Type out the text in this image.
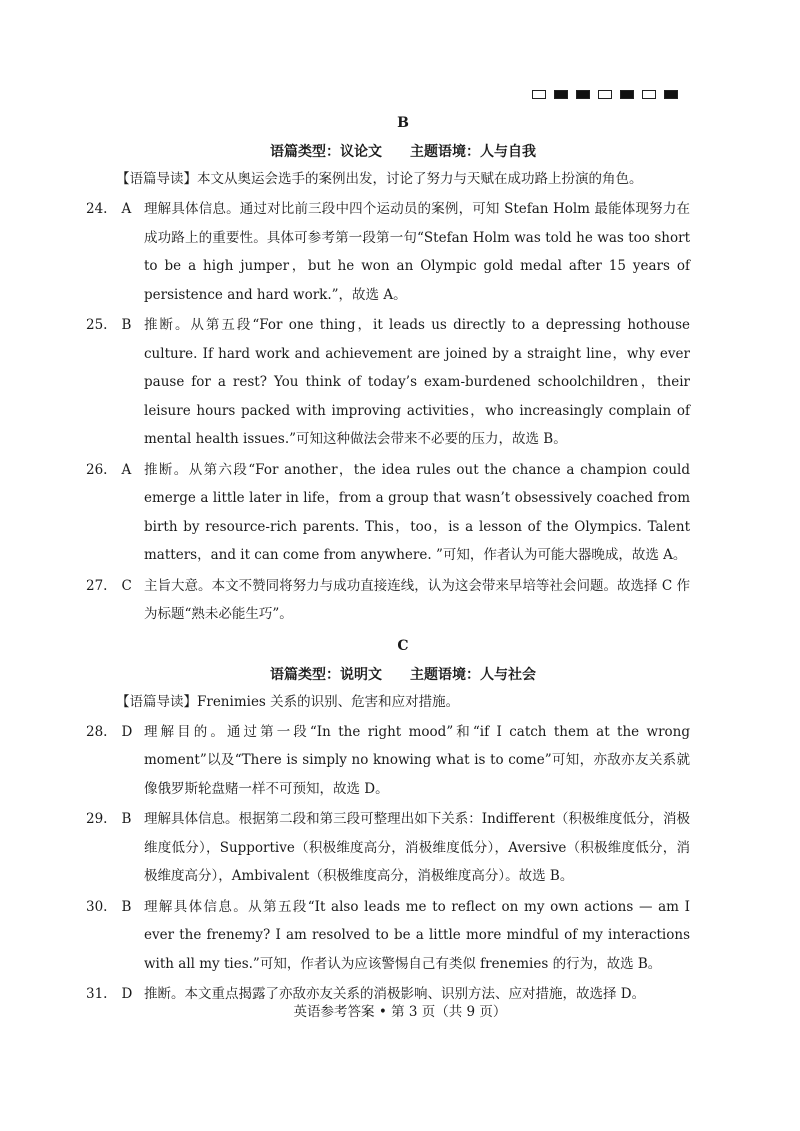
B
语篇类型：议论文 主题语境：人与自我
【语篇导读】本文从奥运会选手的案例出发，讨论了努力与天赋在成功路上扮演的角色。
24. A 理解具体信息。通过对比前三段中四个运动员的案例，可知 Stefan Holm 最能体现努力在成功路上的重要性。具体可参考第一段第一句“Stefan Holm was told he was too short to be a high jumper，but he won an Olympic gold medal after 15 years of persistence and hard work.”，故选 A。
25. B 推断。从第五段“For one thing，it leads us directly to a depressing hothouse culture. If hard work and achievement are joined by a straight line，why ever pause for a rest? You think of today’s exam-burdened schoolchildren，their leisure hours packed with improving activities，who increasingly complain of mental health issues.”可知这种做法会带来不必要的压力，故选 B。
26. A 推断。从第六段“For another，the idea rules out the chance a champion could emerge a little later in life，from a group that wasn’t obsessively coached from birth by resource-rich parents. This，too，is a lesson of the Olympics. Talent matters，and it can come from anywhere. ”可知，作者认为可能大器晚成，故选 A。
27. C 主旨大意。本文不赞同将努力与成功直接连线，认为这会带来早培等社会问题。故选择 C 作为标题“熟未必能生巧”。
C
语篇类型：说明文 主题语境：人与社会
【语篇导读】Frenimies 关系的识别、危害和应对措施。
28. D 理解目的。通过第一段“In the right mood”和“if I catch them at the wrong moment”以及“There is simply no knowing what is to come”可知，亦敌亦友关系就像俄罗斯轮盘赌一样不可预知，故选 D。
29. B 理解具体信息。根据第二段和第三段可整理出如下关系：Indifferent（积极维度低分，消极维度低分），Supportive（积极维度高分，消极维度低分），Aversive（积极维度低分，消极维度高分），Ambivalent（积极维度高分，消极维度高分）。故选 B。
30. B 理解具体信息。从第五段“It also leads me to reflect on my own actions — am I ever the frenemy? I am resolved to be a little more mindful of my interactions with all my ties.”可知，作者认为应该警惕自己有类似 frenemies 的行为，故选 B。
31. D 推断。本文重点揭露了亦敌亦友关系的消极影响、识别方法、应对措施，故选择 D。
英语参考答案 • 第 3 页（共 9 页）
